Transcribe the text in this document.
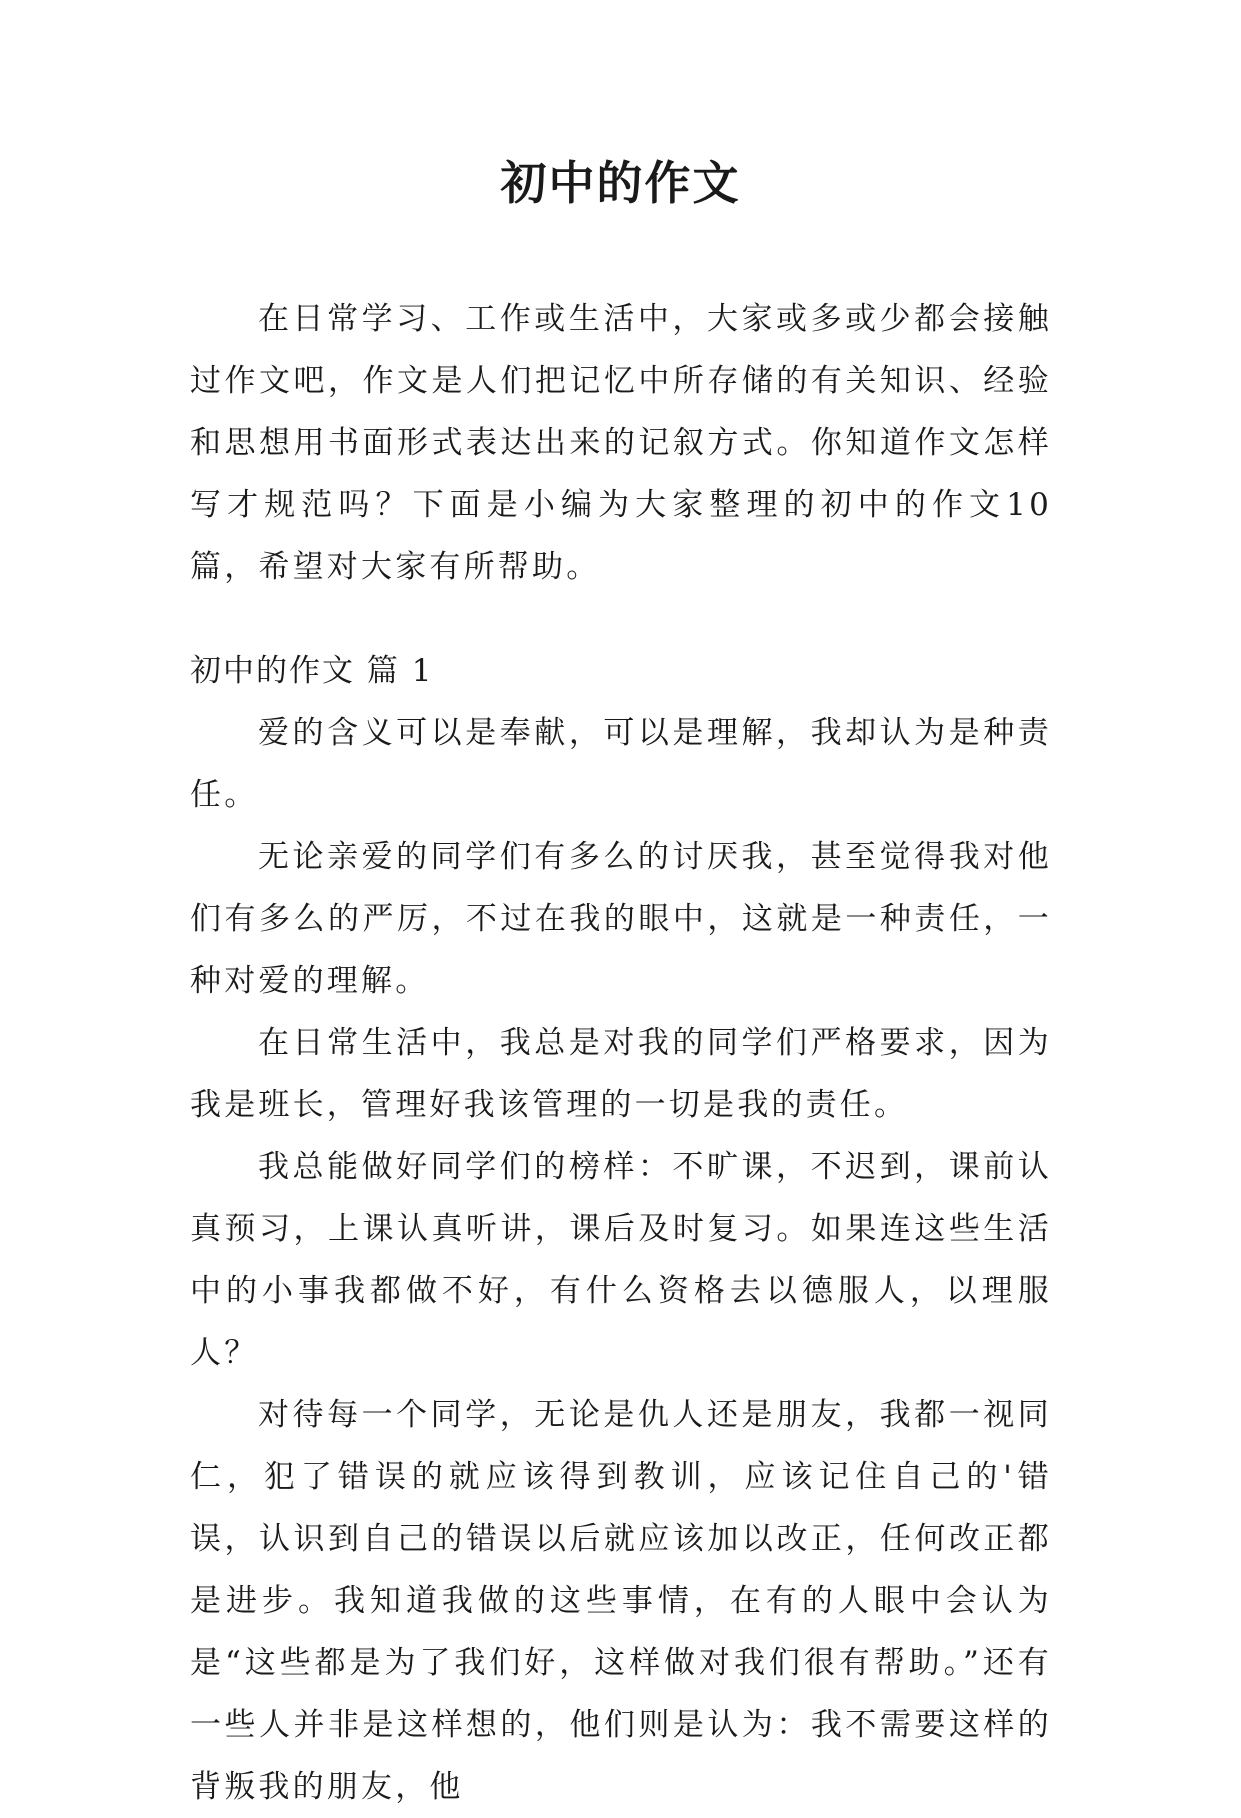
初中的作文

在日常学习、工作或生活中，大家或多或少都会接触过作文吧，作文是人们把记忆中所存储的有关知识、经验和思想用书面形式表达出来的记叙方式。你知道作文怎样写才规范吗？下面是小编为大家整理的初中的作文10篇，希望对大家有所帮助。

初中的作文 篇 1

爱的含义可以是奉献，可以是理解，我却认为是种责任。

无论亲爱的同学们有多么的讨厌我，甚至觉得我对他们有多么的严厉，不过在我的眼中，这就是一种责任，一种对爱的理解。

在日常生活中，我总是对我的同学们严格要求，因为我是班长，管理好我该管理的一切是我的责任。

我总能做好同学们的榜样：不旷课，不迟到，课前认真预习，上课认真听讲，课后及时复习。如果连这些生活中的小事我都做不好，有什么资格去以德服人，以理服人？

对待每一个同学，无论是仇人还是朋友，我都一视同仁，犯了错误的就应该得到教训，应该记住自己的'错误，认识到自己的错误以后就应该加以改正，任何改正都是进步。我知道我做的这些事情，在有的人眼中会认为是“这些都是为了我们好，这样做对我们很有帮助。”还有一些人并非是这样想的，他们则是认为：我不需要这样的背叛我的朋友，他
